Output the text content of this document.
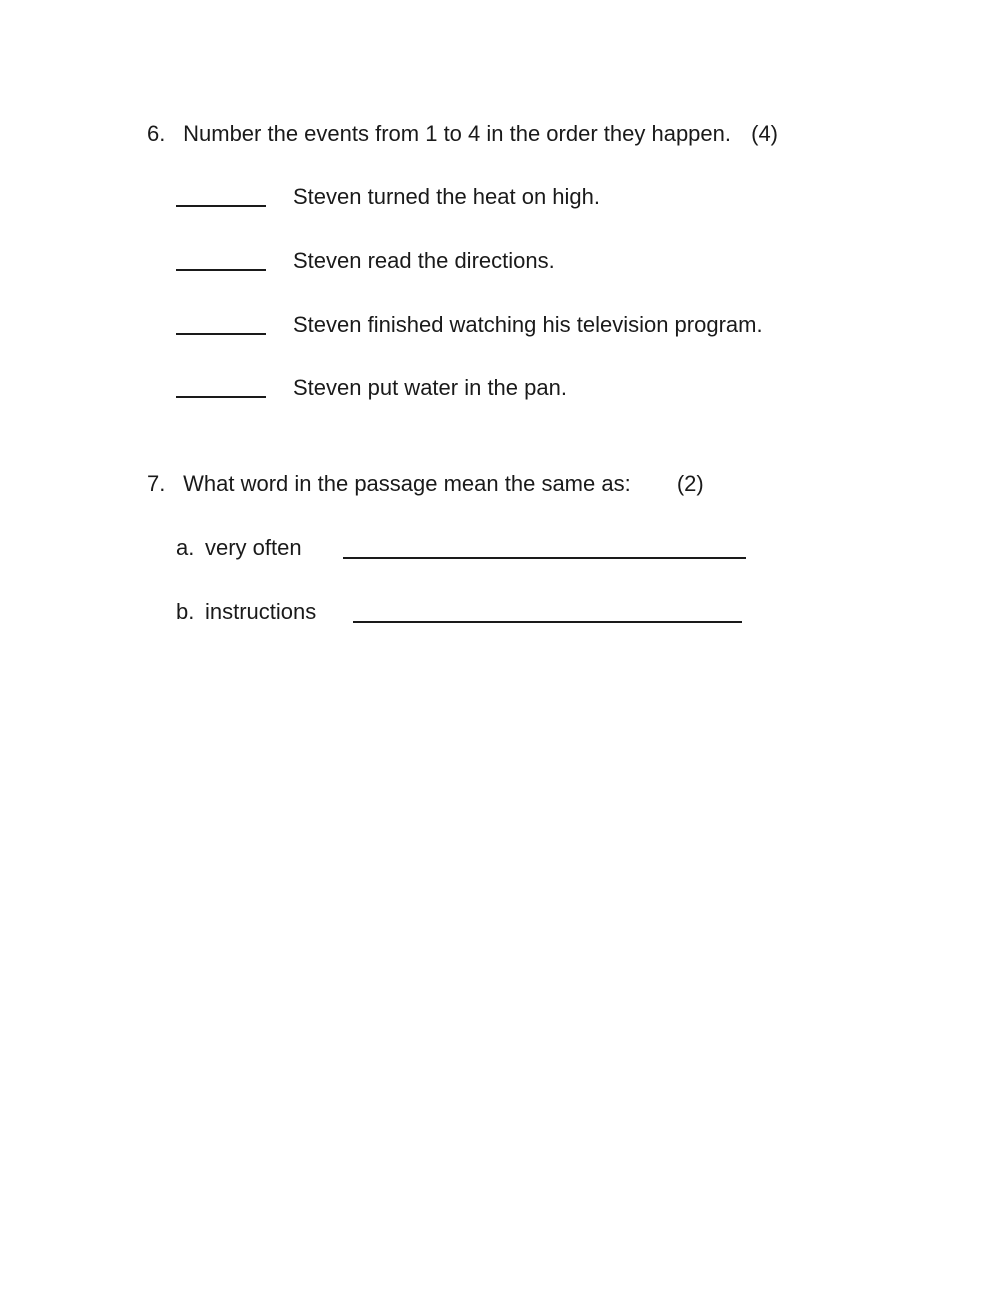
6. Number the events from 1 to 4 in the order they happen. (4)
Steven turned the heat on high.
Steven read the directions.
Steven finished watching his television program.
Steven put water in the pan.
7. What word in the passage mean the same as: (2)
a. very often
b. instructions
